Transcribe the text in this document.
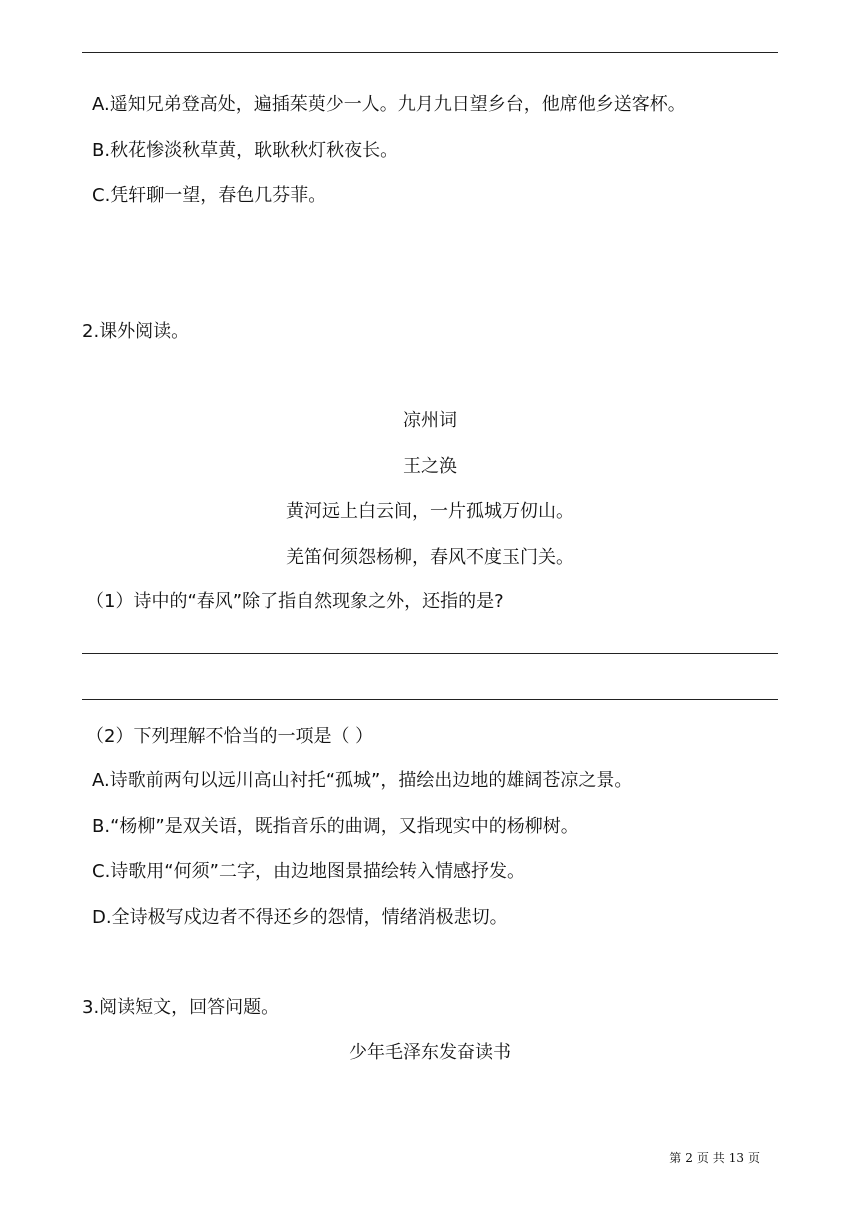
A.遥知兄弟登高处，遍插茱萸少一人。九月九日望乡台，他席他乡送客杯。
B.秋花惨淡秋草黄，耿耿秋灯秋夜长。
C.凭轩聊一望，春色几芬菲。
2.课外阅读。
凉州词
王之涣
黄河远上白云间，一片孤城万仞山。
羌笛何须怨杨柳，春风不度玉门关。
（1）诗中的“春风”除了指自然现象之外，还指的是?
（2）下列理解不恰当的一项是（ ）
A.诗歌前两句以远川高山衬托“孤城”，描绘出边地的雄阔苍凉之景。
B.“杨柳”是双关语，既指音乐的曲调，又指现实中的杨柳树。
C.诗歌用“何须”二字，由边地图景描绘转入情感抒发。
D.全诗极写戍边者不得还乡的怨情，情绪消极悲切。
3.阅读短文，回答问题。
少年毛泽东发奋读书
第 2 页 共 13 页
